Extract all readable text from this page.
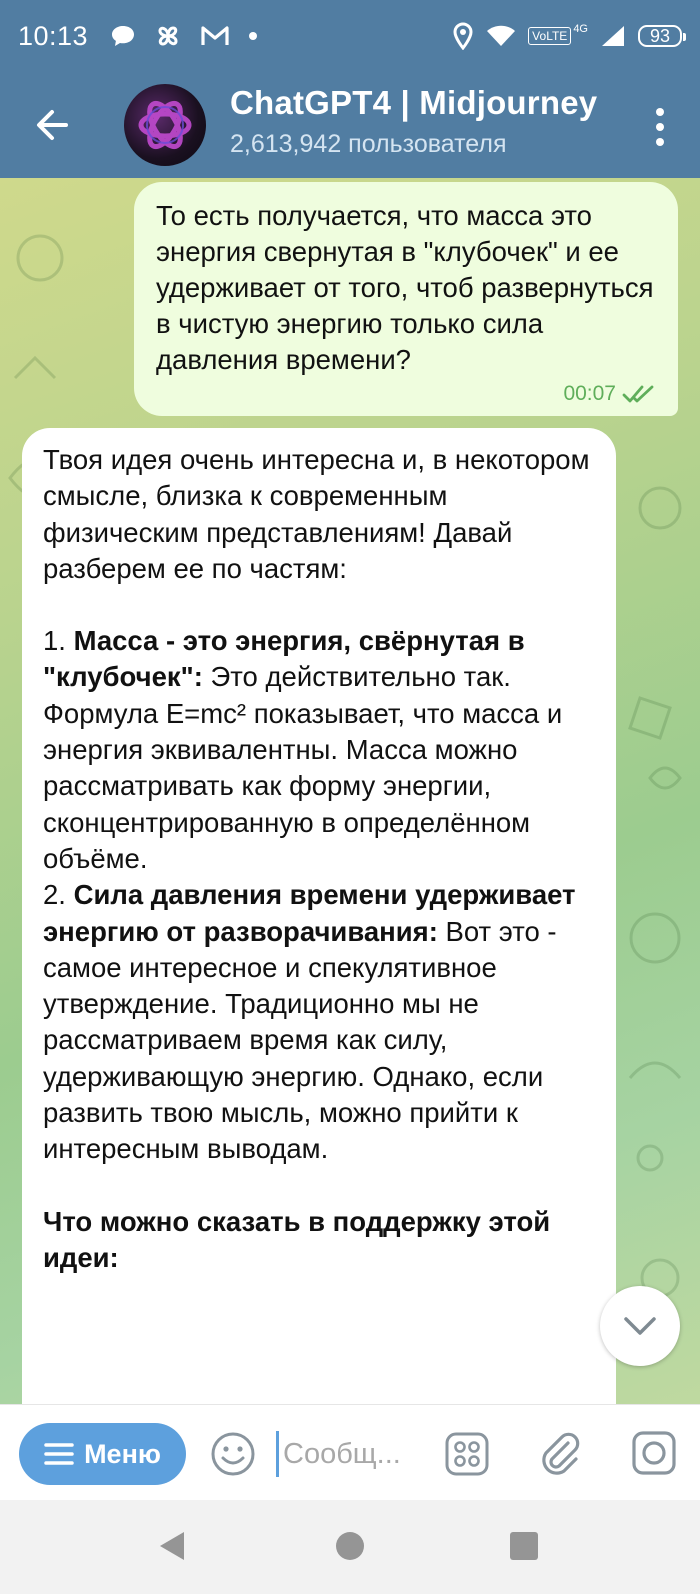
10:13	VoLTE 4G	93
ChatGPT4 | Midjourney
2,613,942 пользователя
То есть получается, что масса это энергия свернутая в "клубочек" и ее удерживает от того, чтоб развернуться в чистую энергию только сила давления времени?
00:07

Твоя идея очень интересна и, в некотором смысле, близка к современным физическим представлениям! Давай разберем ее по частям:

1. Масса - это энергия, свёрнутая в "клубочек": Это действительно так. Формула E=mc² показывает, что масса и энергия эквивалентны. Масса можно рассматривать как форму энергии, сконцентрированную в определённом объёме.

2. Сила давления времени удерживает энергию от разворачивания: Вот это - самое интересное и спекулятивное утверждение. Традиционно мы не рассматриваем время как силу, удерживающую энергию. Однако, если развить твою мысль, можно прийти к интересным выводам.

Что можно сказать в поддержку этой идеи:

Меню
Сообщ...
